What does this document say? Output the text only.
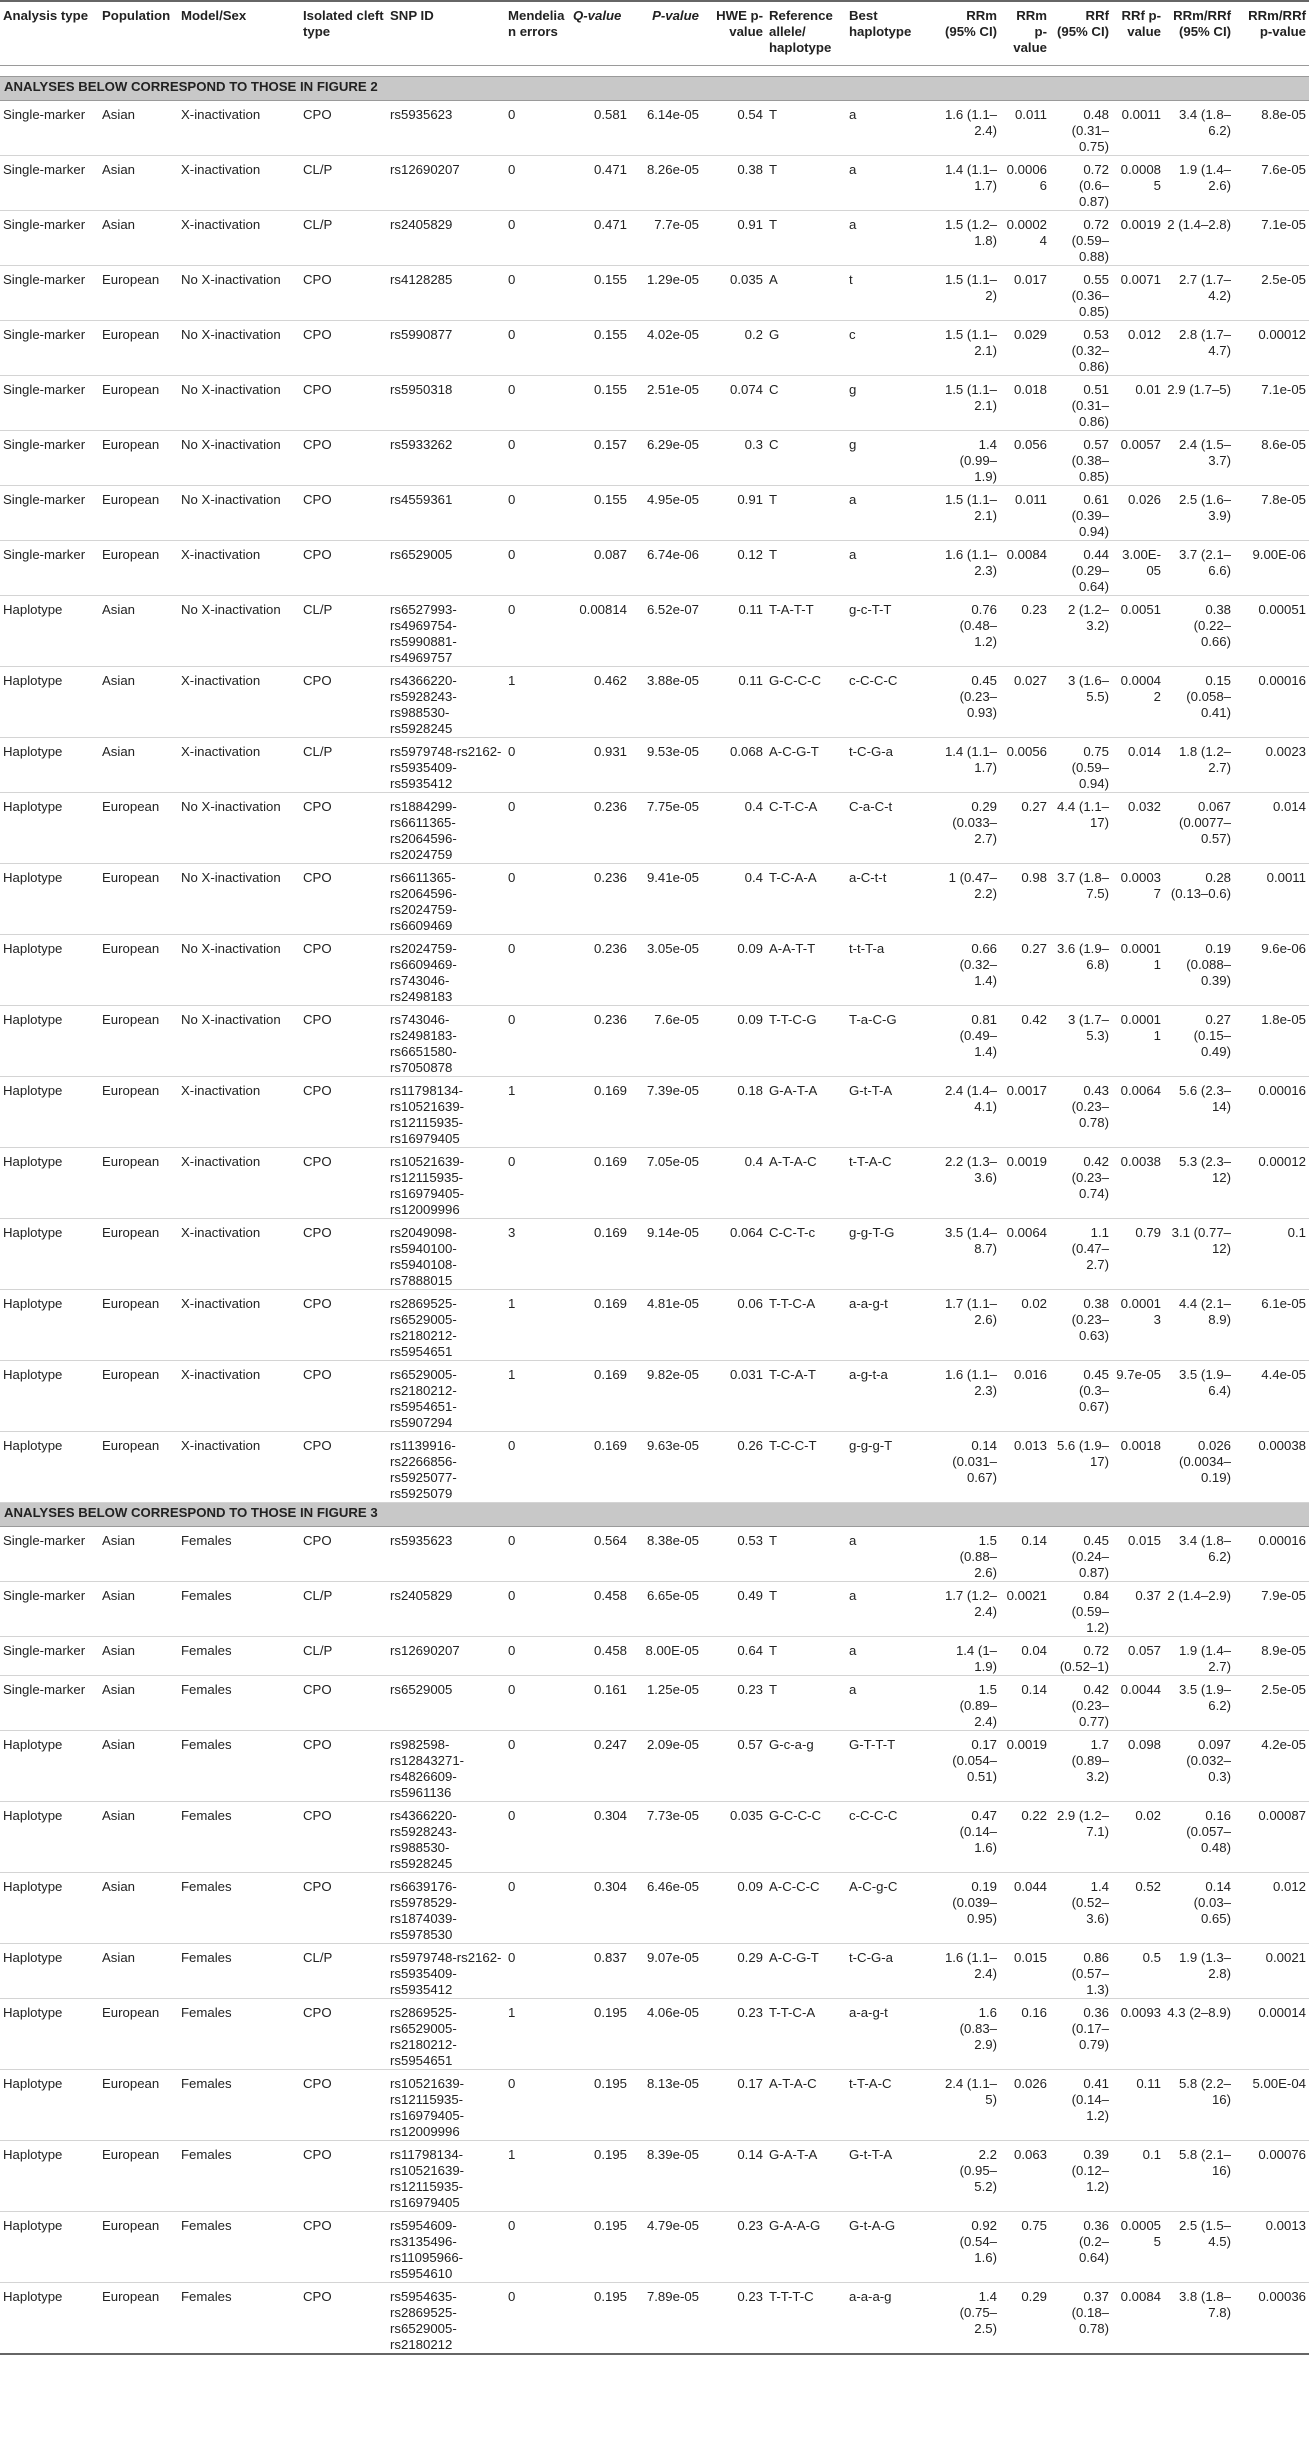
Analysis type	Population	Model/Sex	Isolated cleft type	SNP ID	Mendelian errors	Q-value	P-value	HWE p-value	Reference allele/ haplotype	Best haplotype	RRm (95% CI)	RRm p-value	RRf (95% CI)	RRf p-value	RRm/RRf (95% CI)	RRm/RRf p-value

ANALYSES BELOW CORRESPOND TO THOSE IN FIGURE 2																
Single-marker	Asian	X-inactivation	CPO	rs5935623	0	0.581	6.14e-05	0.54	T	a	1.6 (1.1–2.4)	0.011	0.48 (0.31–0.75)	0.0011	3.4 (1.8–6.2)	8.8e-05
Single-marker	Asian	X-inactivation	CL/P	rs12690207	0	0.471	8.26e-05	0.38	T	a	1.4 (1.1–1.7)	0.00066	0.72 (0.6–0.87)	0.00085	1.9 (1.4–2.6)	7.6e-05
Single-marker	Asian	X-inactivation	CL/P	rs2405829	0	0.471	7.7e-05	0.91	T	a	1.5 (1.2–1.8)	0.00024	0.72 (0.59–0.88)	0.0019	2 (1.4–2.8)	7.1e-05
Single-marker	European	No X-inactivation	CPO	rs4128285	0	0.155	1.29e-05	0.035	A	t	1.5 (1.1–2)	0.017	0.55 (0.36–0.85)	0.0071	2.7 (1.7–4.2)	2.5e-05
Single-marker	European	No X-inactivation	CPO	rs5990877	0	0.155	4.02e-05	0.2	G	c	1.5 (1.1–2.1)	0.029	0.53 (0.32–0.86)	0.012	2.8 (1.7–4.7)	0.00012
Single-marker	European	No X-inactivation	CPO	rs5950318	0	0.155	2.51e-05	0.074	C	g	1.5 (1.1–2.1)	0.018	0.51 (0.31–0.86)	0.01	2.9 (1.7–5)	7.1e-05
Single-marker	European	No X-inactivation	CPO	rs5933262	0	0.157	6.29e-05	0.3	C	g	1.4 (0.99–1.9)	0.056	0.57 (0.38–0.85)	0.0057	2.4 (1.5–3.7)	8.6e-05
Single-marker	European	No X-inactivation	CPO	rs4559361	0	0.155	4.95e-05	0.91	T	a	1.5 (1.1–2.1)	0.011	0.61 (0.39–0.94)	0.026	2.5 (1.6–3.9)	7.8e-05
Single-marker	European	X-inactivation	CPO	rs6529005	0	0.087	6.74e-06	0.12	T	a	1.6 (1.1–2.3)	0.0084	0.44 (0.29–0.64)	3.00E-05	3.7 (2.1–6.6)	9.00E-06
Haplotype	Asian	No X-inactivation	CL/P	rs6527993-rs4969754-rs5990881-rs4969757	0	0.00814	6.52e-07	0.11	T-A-T-T	g-c-T-T	0.76 (0.48–1.2)	0.23	2 (1.2–3.2)	0.0051	0.38 (0.22–0.66)	0.00051
Haplotype	Asian	X-inactivation	CPO	rs4366220-rs5928243-rs988530-rs5928245	1	0.462	3.88e-05	0.11	G-C-C-C	c-C-C-C	0.45 (0.23–0.93)	0.027	3 (1.6–5.5)	0.00042	0.15 (0.058–0.41)	0.00016
Haplotype	Asian	X-inactivation	CL/P	rs5979748-rs2162-rs5935409-rs5935412	0	0.931	9.53e-05	0.068	A-C-G-T	t-C-G-a	1.4 (1.1–1.7)	0.0056	0.75 (0.59–0.94)	0.014	1.8 (1.2–2.7)	0.0023
Haplotype	European	No X-inactivation	CPO	rs1884299-rs6611365-rs2064596-rs2024759	0	0.236	7.75e-05	0.4	C-T-C-A	C-a-C-t	0.29 (0.033–2.7)	0.27	4.4 (1.1–17)	0.032	0.067 (0.0077–0.57)	0.014
Haplotype	European	No X-inactivation	CPO	rs6611365-rs2064596-rs2024759-rs6609469	0	0.236	9.41e-05	0.4	T-C-A-A	a-C-t-t	1 (0.47–2.2)	0.98	3.7 (1.8–7.5)	0.00037	0.28 (0.13–0.6)	0.0011
Haplotype	European	No X-inactivation	CPO	rs2024759-rs6609469-rs743046-rs2498183	0	0.236	3.05e-05	0.09	A-A-T-T	t-t-T-a	0.66 (0.32–1.4)	0.27	3.6 (1.9–6.8)	0.00011	0.19 (0.088–0.39)	9.6e-06
Haplotype	European	No X-inactivation	CPO	rs743046-rs2498183-rs6651580-rs7050878	0	0.236	7.6e-05	0.09	T-T-C-G	T-a-C-G	0.81 (0.49–1.4)	0.42	3 (1.7–5.3)	0.00011	0.27 (0.15–0.49)	1.8e-05
Haplotype	European	X-inactivation	CPO	rs11798134-rs10521639-rs12115935-rs16979405	1	0.169	7.39e-05	0.18	G-A-T-A	G-t-T-A	2.4 (1.4–4.1)	0.0017	0.43 (0.23–0.78)	0.0064	5.6 (2.3–14)	0.00016
Haplotype	European	X-inactivation	CPO	rs10521639-rs12115935-rs16979405-rs12009996	0	0.169	7.05e-05	0.4	A-T-A-C	t-T-A-C	2.2 (1.3–3.6)	0.0019	0.42 (0.23–0.74)	0.0038	5.3 (2.3–12)	0.00012
Haplotype	European	X-inactivation	CPO	rs2049098-rs5940100-rs5940108-rs7888015	3	0.169	9.14e-05	0.064	C-C-T-c	g-g-T-G	3.5 (1.4–8.7)	0.0064	1.1 (0.47–2.7)	0.79	3.1 (0.77–12)	0.1
Haplotype	European	X-inactivation	CPO	rs2869525-rs6529005-rs2180212-rs5954651	1	0.169	4.81e-05	0.06	T-T-C-A	a-a-g-t	1.7 (1.1–2.6)	0.02	0.38 (0.23–0.63)	0.00013	4.4 (2.1–8.9)	6.1e-05
Haplotype	European	X-inactivation	CPO	rs6529005-rs2180212-rs5954651-rs5907294	1	0.169	9.82e-05	0.031	T-C-A-T	a-g-t-a	1.6 (1.1–2.3)	0.016	0.45 (0.3–0.67)	9.7e-05	3.5 (1.9–6.4)	4.4e-05
Haplotype	European	X-inactivation	CPO	rs1139916-rs2266856-rs5925077-rs5925079	0	0.169	9.63e-05	0.26	T-C-C-T	g-g-g-T	0.14 (0.031–0.67)	0.013	5.6 (1.9–17)	0.0018	0.026 (0.0034–0.19)	0.00038
ANALYSES BELOW CORRESPOND TO THOSE IN FIGURE 3																
Single-marker	Asian	Females	CPO	rs5935623	0	0.564	8.38e-05	0.53	T	a	1.5 (0.88–2.6)	0.14	0.45 (0.24–0.87)	0.015	3.4 (1.8–6.2)	0.00016
Single-marker	Asian	Females	CL/P	rs2405829	0	0.458	6.65e-05	0.49	T	a	1.7 (1.2–2.4)	0.0021	0.84 (0.59–1.2)	0.37	2 (1.4–2.9)	7.9e-05
Single-marker	Asian	Females	CL/P	rs12690207	0	0.458	8.00E-05	0.64	T	a	1.4 (1–1.9)	0.04	0.72 (0.52–1)	0.057	1.9 (1.4–2.7)	8.9e-05
Single-marker	Asian	Females	CPO	rs6529005	0	0.161	1.25e-05	0.23	T	a	1.5 (0.89–2.4)	0.14	0.42 (0.23–0.77)	0.0044	3.5 (1.9–6.2)	2.5e-05
Haplotype	Asian	Females	CPO	rs982598-rs12843271-rs4826609-rs5961136	0	0.247	2.09e-05	0.57	G-c-a-g	G-T-T-T	0.17 (0.054–0.51)	0.0019	1.7 (0.89–3.2)	0.098	0.097 (0.032–0.3)	4.2e-05
Haplotype	Asian	Females	CPO	rs4366220-rs5928243-rs988530-rs5928245	0	0.304	7.73e-05	0.035	G-C-C-C	c-C-C-C	0.47 (0.14–1.6)	0.22	2.9 (1.2–7.1)	0.02	0.16 (0.057–0.48)	0.00087
Haplotype	Asian	Females	CPO	rs6639176-rs5978529-rs1874039-rs5978530	0	0.304	6.46e-05	0.09	A-C-C-C	A-C-g-C	0.19 (0.039–0.95)	0.044	1.4 (0.52–3.6)	0.52	0.14 (0.03–0.65)	0.012
Haplotype	Asian	Females	CL/P	rs5979748-rs2162-rs5935409-rs5935412	0	0.837	9.07e-05	0.29	A-C-G-T	t-C-G-a	1.6 (1.1–2.4)	0.015	0.86 (0.57–1.3)	0.5	1.9 (1.3–2.8)	0.0021
Haplotype	European	Females	CPO	rs2869525-rs6529005-rs2180212-rs5954651	1	0.195	4.06e-05	0.23	T-T-C-A	a-a-g-t	1.6 (0.83–2.9)	0.16	0.36 (0.17–0.79)	0.0093	4.3 (2–8.9)	0.00014
Haplotype	European	Females	CPO	rs10521639-rs12115935-rs16979405-rs12009996	0	0.195	8.13e-05	0.17	A-T-A-C	t-T-A-C	2.4 (1.1–5)	0.026	0.41 (0.14–1.2)	0.11	5.8 (2.2–16)	5.00E-04
Haplotype	European	Females	CPO	rs11798134-rs10521639-rs12115935-rs16979405	1	0.195	8.39e-05	0.14	G-A-T-A	G-t-T-A	2.2 (0.95–5.2)	0.063	0.39 (0.12–1.2)	0.1	5.8 (2.1–16)	0.00076
Haplotype	European	Females	CPO	rs5954609-rs3135496-rs11095966-rs5954610	0	0.195	4.79e-05	0.23	G-A-A-G	G-t-A-G	0.92 (0.54–1.6)	0.75	0.36 (0.2–0.64)	0.00055	2.5 (1.5–4.5)	0.0013
Haplotype	European	Females	CPO	rs5954635-rs2869525-rs6529005-rs2180212	0	0.195	7.89e-05	0.23	T-T-T-C	a-a-a-g	1.4 (0.75–2.5)	0.29	0.37 (0.18–0.78)	0.0084	3.8 (1.8–7.8)	0.00036
